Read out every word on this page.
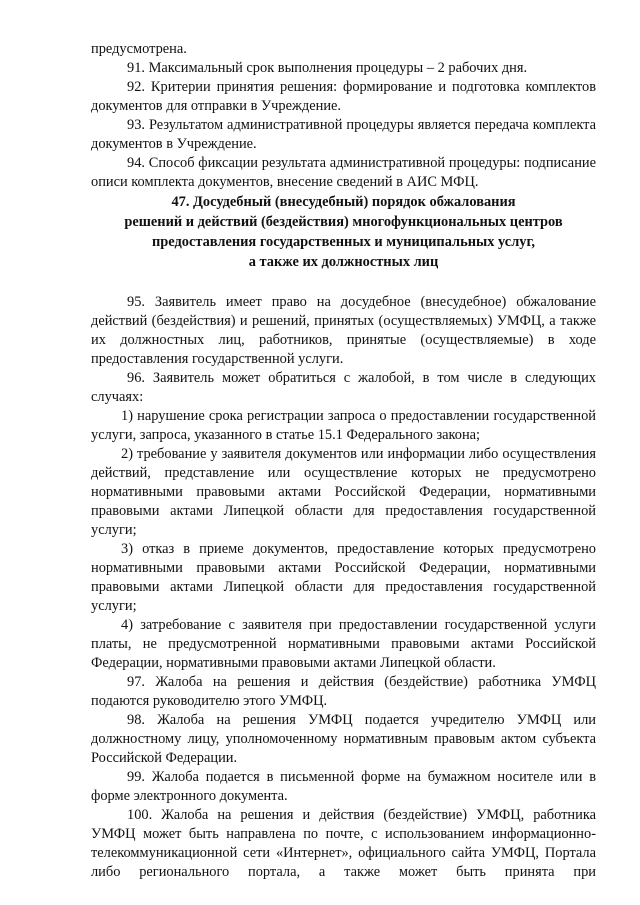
предусмотрена.

91. Максимальный срок выполнения процедуры – 2 рабочих дня.

92. Критерии принятия решения: формирование и подготовка комплектов документов для отправки в Учреждение.

93. Результатом административной процедуры является передача комплекта документов в Учреждение.

94. Способ фиксации результата административной процедуры: подписание описи комплекта документов, внесение сведений в АИС МФЦ.

47. Досудебный (внесудебный) порядок обжалования

решений и действий (бездействия) многофункциональных центров

предоставления государственных и муниципальных услуг,

а также их должностных лиц

95. Заявитель имеет право на досудебное (внесудебное) обжалование действий (бездействия) и решений, принятых (осуществляемых) УМФЦ, а также их должностных лиц, работников, принятые (осуществляемые) в ходе предоставления государственной услуги.

96. Заявитель может обратиться с жалобой, в том числе в следующих случаях:

1) нарушение срока регистрации запроса о предоставлении государственной услуги, запроса, указанного в статье 15.1 Федерального закона;

2) требование у заявителя документов или информации либо осуществления действий, представление или осуществление которых не предусмотрено нормативными правовыми актами Российской Федерации, нормативными правовыми актами Липецкой области для предоставления государственной услуги;

3) отказ в приеме документов, предоставление которых предусмотрено нормативными правовыми актами Российской Федерации, нормативными правовыми актами Липецкой области для предоставления государственной услуги;

4) затребование с заявителя при предоставлении государственной услуги платы, не предусмотренной нормативными правовыми актами Российской Федерации, нормативными правовыми актами Липецкой области.

97. Жалоба на решения и действия (бездействие) работника УМФЦ подаются руководителю этого УМФЦ.

98. Жалоба на решения УМФЦ подается учредителю УМФЦ или должностному лицу, уполномоченному нормативным правовым актом субъекта Российской Федерации.

99. Жалоба подается в письменной форме на бумажном носителе или в форме электронного документа.

100. Жалоба на решения и действия (бездействие) УМФЦ, работника УМФЦ может быть направлена по почте, с использованием информационно-телекоммуникационной сети «Интернет», официального сайта УМФЦ, Портала либо регионального портала, а также может быть принята при
